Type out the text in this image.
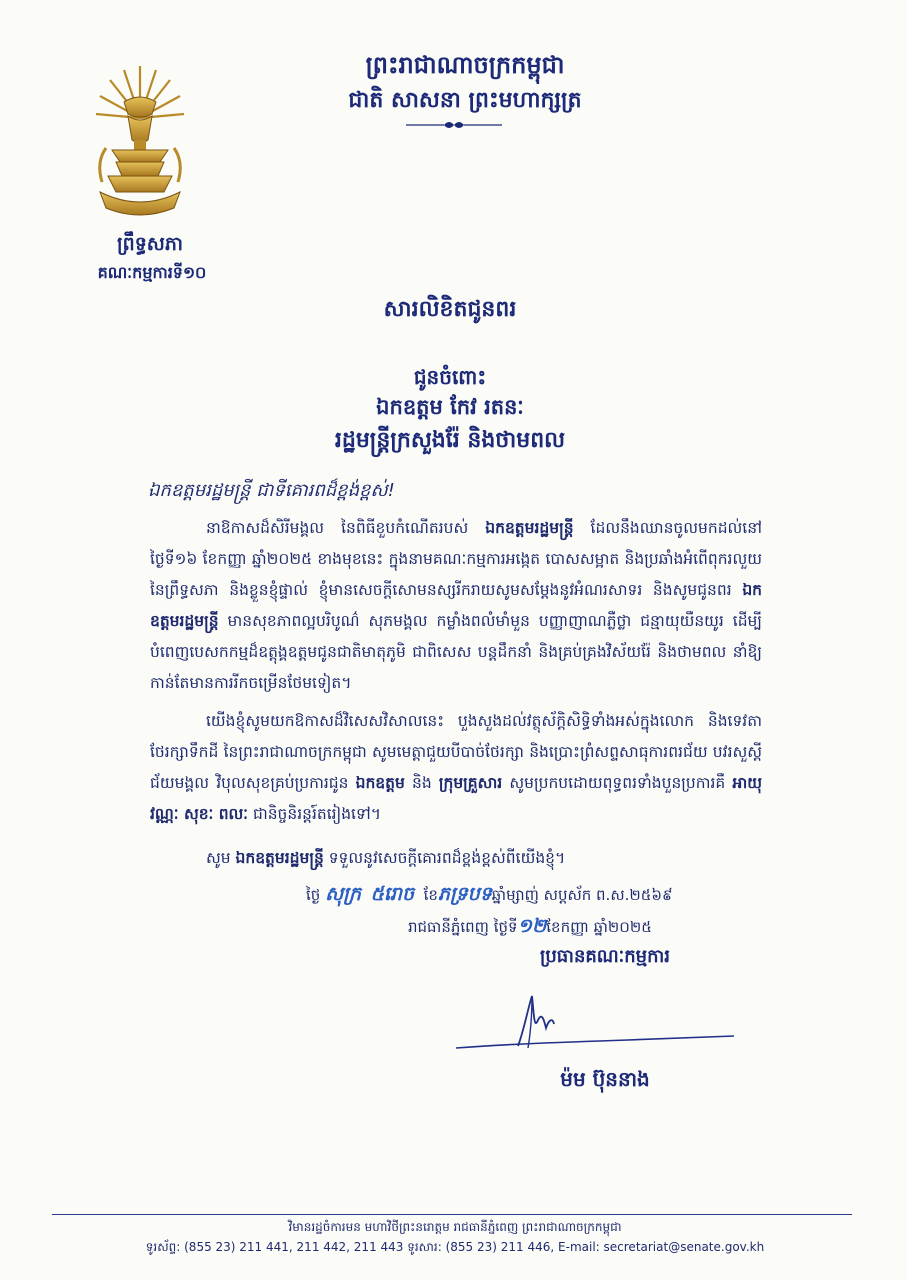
ព្រឹទ្ធសភា
គណៈកម្មការទី១០
ព្រះរាជាណាចក្រកម្ពុជា
ជាតិ សាសនា ព្រះមហាក្សត្រ
សារលិខិតជូនពរ
ជូនចំពោះ
ឯកឧត្តម កែវ រតនៈ
រដ្ឋមន្ត្រីក្រសួងរ៉ែ និងថាមពល
ឯកឧត្តមរដ្ឋមន្ត្រី ជាទីគោរពដ៏ខ្ពង់ខ្ពស់!
នាឱកាសដ៏សិរីមង្គល នៃពិធីខួបកំណើតរបស់ ឯកឧត្តមរដ្ឋមន្ត្រី ដែលនឹងឈានចូលមកដល់នៅថ្ងៃទី១៦ ខែកញ្ញា ឆ្នាំ២០២៥ ខាងមុខនេះ ក្នុងនាមគណៈកម្មការអង្កេត បោសសម្អាត និងប្រឆាំងអំពើពុករលួយ នៃព្រឹទ្ធសភា និងខ្លួនខ្ញុំផ្ទាល់ ខ្ញុំមានសេចក្តីសោមនស្សរីករាយសូមសម្តែងនូវអំណរសាទរ និងសូមជូនពរ ឯកឧត្តមរដ្ឋមន្ត្រី មានសុខភាពល្អបរិបូណ៌ សុភមង្គល កម្លាំងពលំមាំមួន បញ្ញាញាណភ្លឺថ្លា ជន្មាយុយឺនយូរ ដើម្បីបំពេញបេសកកម្មដ៏ឧត្តុង្គឧត្តមជូនជាតិមាតុភូមិ ជាពិសេស បន្តដឹកនាំ និងគ្រប់គ្រងវិស័យរ៉ែ និងថាមពល នាំឱ្យកាន់តែមានការរីកចម្រើនថែមទៀត។
យើងខ្ញុំសូមយកឱកាសដ៏វិសេសវិសាលនេះ បួងសួងដល់វត្ថុស័ក្តិសិទ្ធិទាំងអស់ក្នុងលោក និងទេវតាថែរក្សាទឹកដី នៃព្រះរាជាណាចក្រកម្ពុជា សូមមេត្តាជួយបីបាច់ថែរក្សា និងប្រោះព្រំសព្ទសាធុការពរជ័យ បវរសួស្តី ជ័យមង្គល វិបុលសុខគ្រប់ប្រការជូន ឯកឧត្តម និង ក្រុមគ្រួសារ សូមប្រកបដោយពុទ្ធពរទាំងបួនប្រការគឺ អាយុ វណ្ណៈ សុខៈ ពលៈ ជានិច្ចនិរន្តរ៍តរៀងទៅ។
សូម ឯកឧត្តមរដ្ឋមន្ត្រី ទទួលនូវសេចក្តីគោរពដ៏ខ្ពង់ខ្ពស់ពីយើងខ្ញុំ។
ថ្ងៃ សុក្រ ៥រោច ខែភទ្របទឆ្នាំម្សាញ់ សប្តស័ក ព.ស.២៥៦៩
រាជធានីភ្នំពេញ ថ្ងៃទី១២ខែកញ្ញា ឆ្នាំ២០២៥
ប្រធានគណៈកម្មការ
ម៉ម ប៊ុននាង
វិមានរដ្ឋចំការមន មហាវិថីព្រះនរោត្តម រាជធានីភ្នំពេញ ព្រះរាជាណាចក្រកម្ពុជា
ទូរស័ព្ទ: (855 23) 211 441, 211 442, 211 443 ទូរសារ: (855 23) 211 446, E-mail: secretariat@senate.gov.kh
